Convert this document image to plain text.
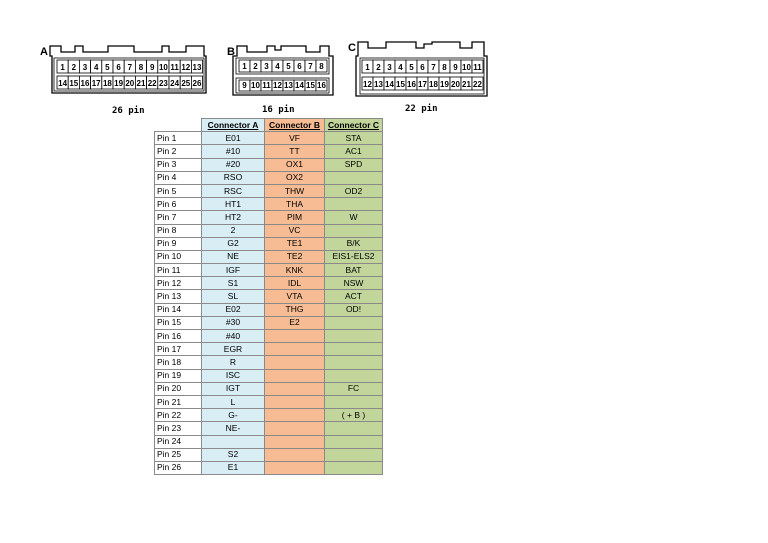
A
1 2 3 4 5 6 7 8 9 10 11 12 13
14 15 16 17 18 19 20 21 22 23 24 25 26
26 pin
B
1 2 3 4 5 6 7 8
9 10 11 12 13 14 15 16
16 pin
C
1 2 3 4 5 6 7 8 9 10 11
12 13 14 15 16 17 18 19 20 21 22
22 pin
	Connector A	Connector B	Connector C
Pin 1	E01	VF	STA
Pin 2	#10	TT	AC1
Pin 3	#20	OX1	SPD
Pin 4	RSO	OX2	
Pin 5	RSC	THW	OD2
Pin 6	HT1	THA	
Pin 7	HT2	PIM	W
Pin 8	2	VC	
Pin 9	G2	TE1	B/K
Pin 10	NE	TE2	EIS1-ELS2
Pin 11	IGF	KNK	BAT
Pin 12	S1	IDL	NSW
Pin 13	SL	VTA	ACT
Pin 14	E02	THG	OD!
Pin 15	#30	E2	
Pin 16	#40		
Pin 17	EGR		
Pin 18	R		
Pin 19	ISC		
Pin 20	IGT		FC
Pin 21	L		
Pin 22	G-		( + B )
Pin 23	NE-		
Pin 24			
Pin 25	S2		
Pin 26	E1		
